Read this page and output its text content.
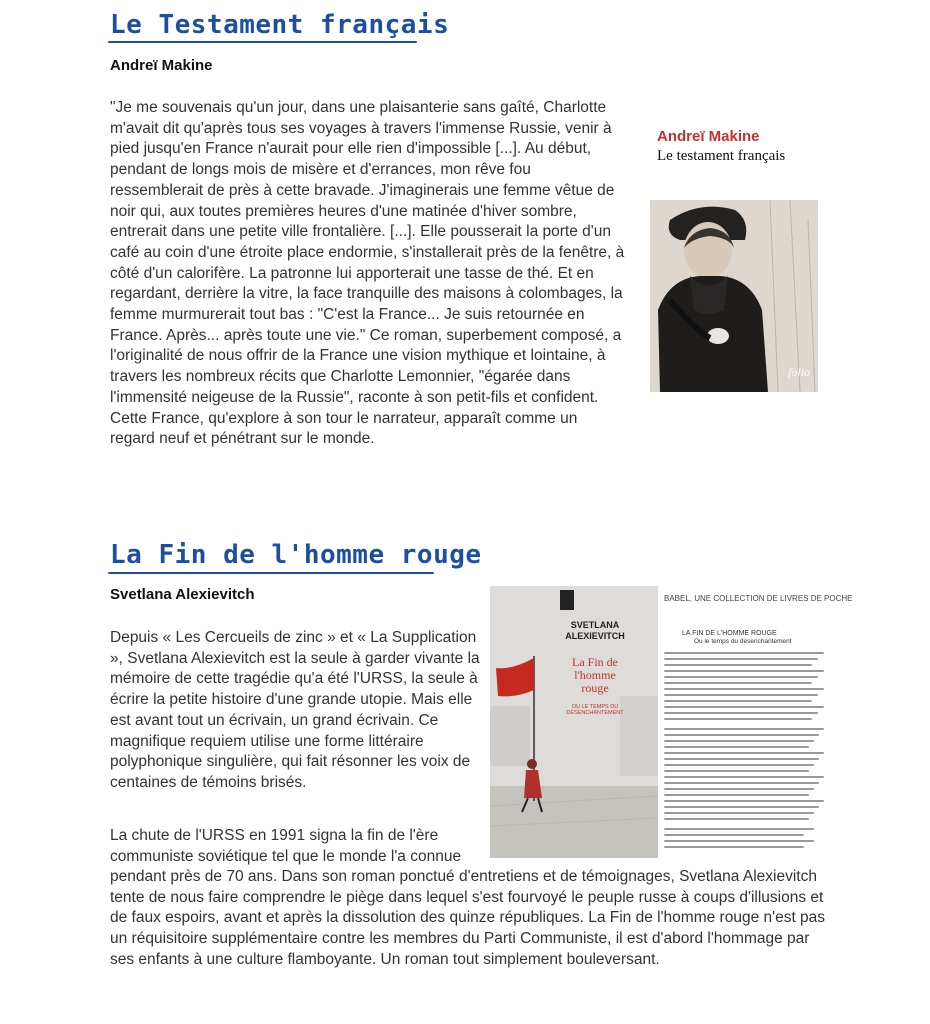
Le Testament français
Andreï Makine

"Je me souvenais qu'un jour, dans une plaisanterie sans gaîté, Charlotte m'avait dit qu'après tous ses voyages à travers l'immense Russie, venir à pied jusqu'en France n'aurait pour elle rien d'impossible [...]. Au début, pendant de longs mois de misère et d'errances, mon rêve fou ressemblerait de près à cette bravade. J'imaginerais une femme vêtue de noir qui, aux toutes premières heures d'une matinée d'hiver sombre, entrerait dans une petite ville frontalière. [...]. Elle pousserait la porte d'un café au coin d'une étroite place endormie, s'installerait près de la fenêtre, à côté d'un calorifère. La patronne lui apporterait une tasse de thé. Et en regardant, derrière la vitre, la face tranquille des maisons à colombages, la femme murmurerait tout bas : "C'est la France... Je suis retournée en France. Après... après toute une vie." Ce roman, superbement composé, a l'originalité de nous offrir de la France une vision mythique et lointaine, à travers les nombreux récits que Charlotte Lemonnier, "égarée dans l'immensité neigeuse de la Russie", raconte à son petit-fils et confident. Cette France, qu'explore à son tour le narrateur, apparaît comme un

Andreï Makine
Le testament français
folio
La Fin de l'homme rouge
Svetlana Alexievitch

Depuis « Les Cercueils de zinc » et « La Supplication », Svetlana Alexievitch est la seule à garder vivante la mémoire de cette tragédie qu'a été l'URSS, la seule à écrire la petite histoire d'une grande utopie. Mais elle est avant tout un écrivain, un grand écrivain. Ce magnifique requiem utilise une forme littéraire polyphonique singulière, qui fait résonner les voix de centaines de témoins brisés.

La chute de l'URSS en 1991 signa la fin de l'ère communiste soviétique tel que le monde l'a connue

SVETLANA ALEXIEVITCH
La Fin de l'homme rouge
OU LE TEMPS DU DÉSENCHANTEMENT
BABEL, UNE COLLECTION DE LIVRES DE POCHE
LA FIN DE L'HOMME ROUGE
Ou le temps du désenchantement

regard neuf et pénétrant sur le monde.

pendant près de 70 ans. Dans son roman ponctué d'entretiens et de témoignages, Svetlana Alexievitch tente de nous faire comprendre le piège dans lequel s'est fourvoyé le peuple russe à coups d'illusions et de faux espoirs, avant et après la dissolution des quinze républiques. La Fin de l'homme rouge n'est pas un réquisitoire supplémentaire contre les membres du Parti Communiste, il est d'abord l'hommage par ses enfants à une culture flamboyante. Un roman tout simplement bouleversant.
